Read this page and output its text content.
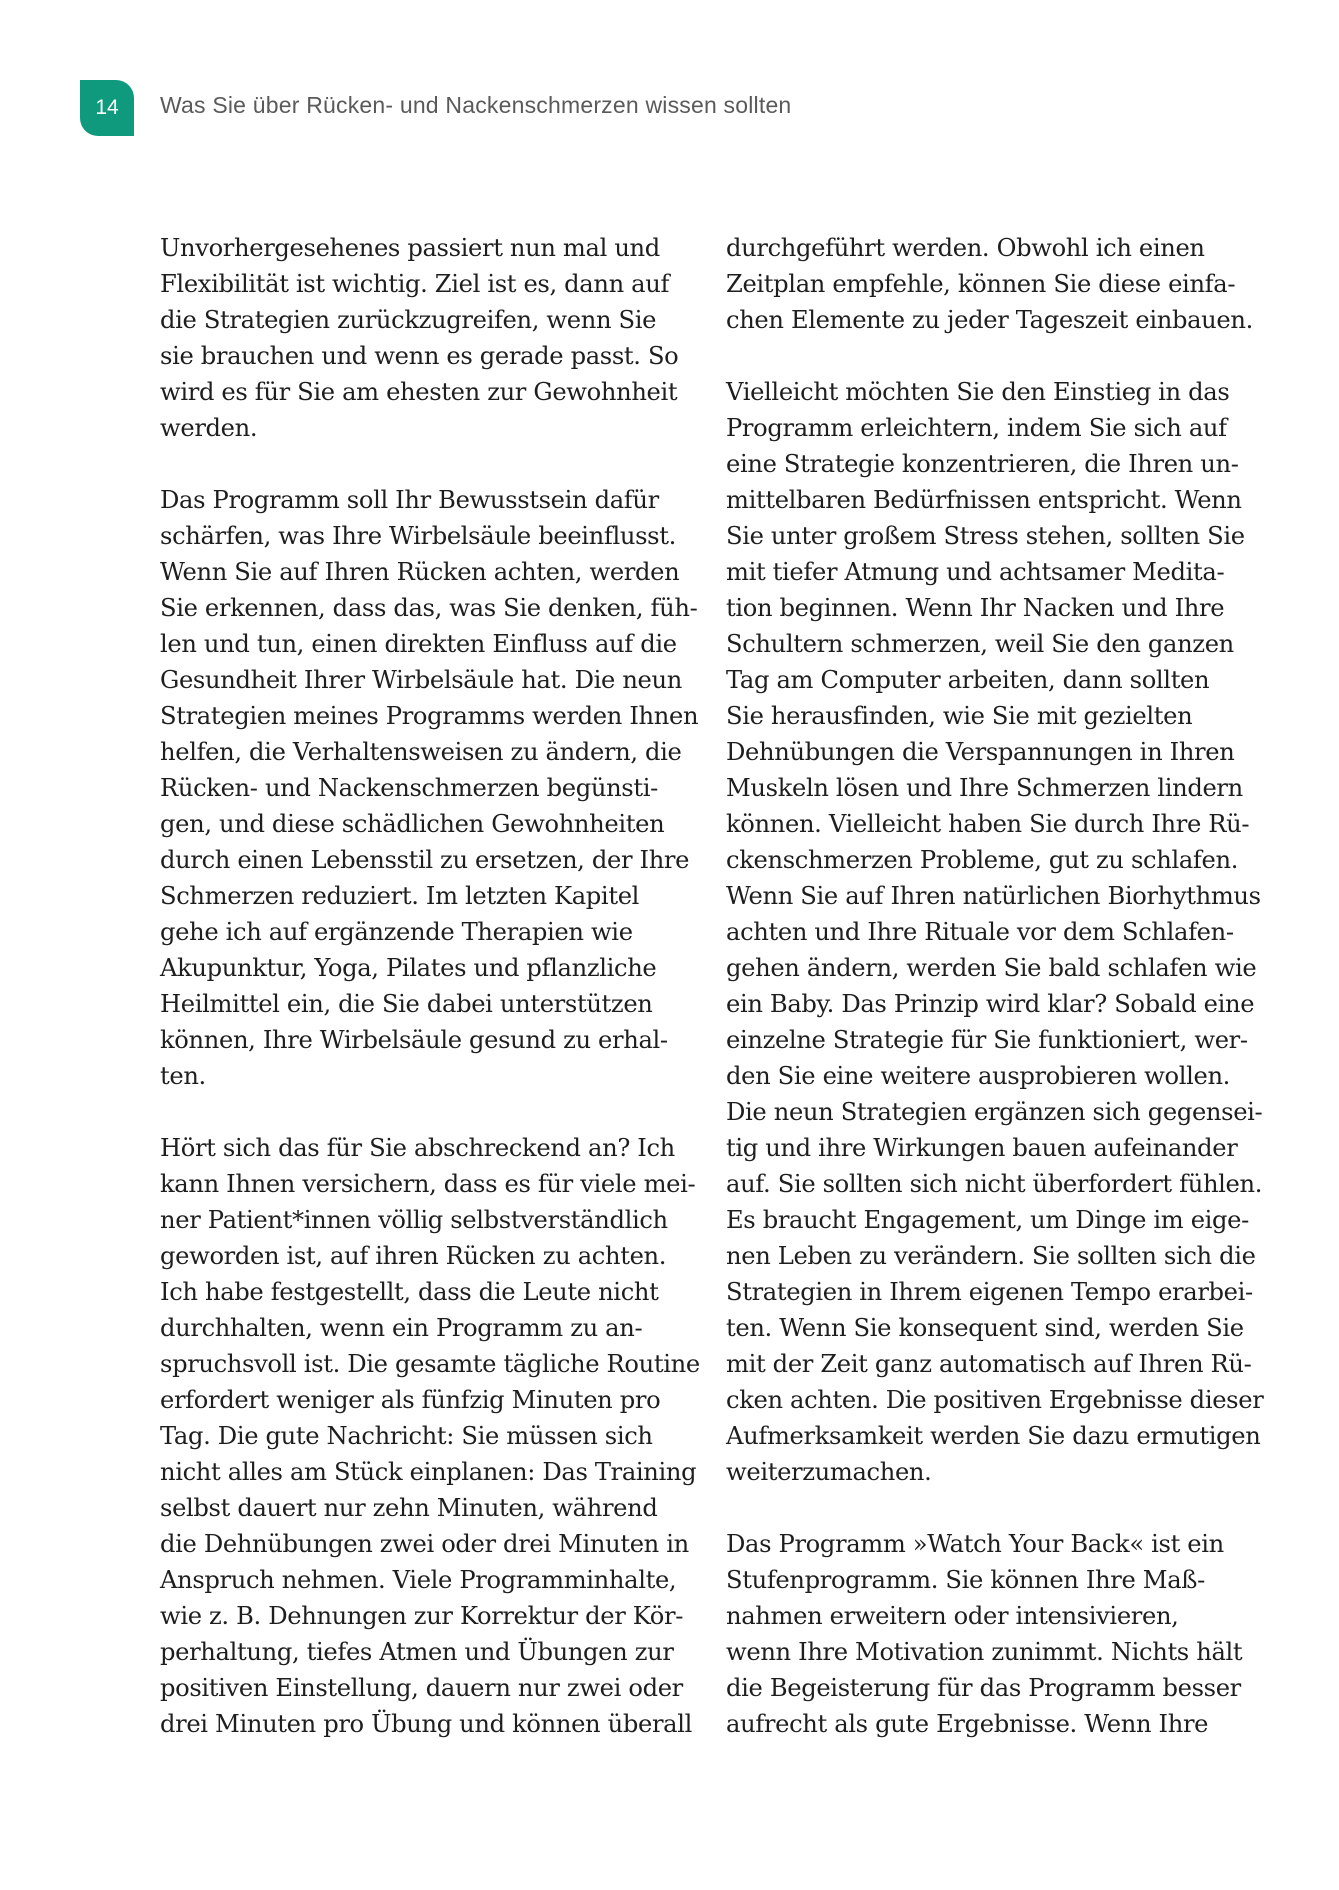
14 Was Sie über Rücken- und Nackenschmerzen wissen sollten
Unvorhergesehenes passiert nun mal und
Flexibilität ist wichtig. Ziel ist es, dann auf
die Strategien zurückzugreifen, wenn Sie
sie brauchen und wenn es gerade passt. So
wird es für Sie am ehesten zur Gewohnheit
werden.
Das Programm soll Ihr Bewusstsein dafür
schärfen, was Ihre Wirbelsäule beeinflusst.
Wenn Sie auf Ihren Rücken achten, werden
Sie erkennen, dass das, was Sie denken, füh-
len und tun, einen direkten Einfluss auf die
Gesundheit Ihrer Wirbelsäule hat. Die neun
Strategien meines Programms werden Ihnen
helfen, die Verhaltensweisen zu ändern, die
Rücken- und Nackenschmerzen begünsti-
gen, und diese schädlichen Gewohnheiten
durch einen Lebensstil zu ersetzen, der Ihre
Schmerzen reduziert. Im letzten Kapitel
gehe ich auf ergänzende Therapien wie
Akupunktur, Yoga, Pilates und pflanzliche
Heilmittel ein, die Sie dabei unterstützen
können, Ihre Wirbelsäule gesund zu erhal-
ten.
Hört sich das für Sie abschreckend an? Ich
kann Ihnen versichern, dass es für viele mei-
ner Patient*innen völlig selbstverständlich
geworden ist, auf ihren Rücken zu achten.
Ich habe festgestellt, dass die Leute nicht
durchhalten, wenn ein Programm zu an-
spruchsvoll ist. Die gesamte tägliche Routine
erfordert weniger als fünfzig Minuten pro
Tag. Die gute Nachricht: Sie müssen sich
nicht alles am Stück einplanen: Das Training
selbst dauert nur zehn Minuten, während
die Dehnübungen zwei oder drei Minuten in
Anspruch nehmen. Viele Programminhalte,
wie z. B. Dehnungen zur Korrektur der Kör-
perhaltung, tiefes Atmen und Übungen zur
positiven Einstellung, dauern nur zwei oder
drei Minuten pro Übung und können überall
durchgeführt werden. Obwohl ich einen
Zeitplan empfehle, können Sie diese einfa-
chen Elemente zu jeder Tageszeit einbauen.
Vielleicht möchten Sie den Einstieg in das
Programm erleichtern, indem Sie sich auf
eine Strategie konzentrieren, die Ihren un-
mittelbaren Bedürfnissen entspricht. Wenn
Sie unter großem Stress stehen, sollten Sie
mit tiefer Atmung und achtsamer Medita-
tion beginnen. Wenn Ihr Nacken und Ihre
Schultern schmerzen, weil Sie den ganzen
Tag am Computer arbeiten, dann sollten
Sie herausfinden, wie Sie mit gezielten
Dehnübungen die Verspannungen in Ihren
Muskeln lösen und Ihre Schmerzen lindern
können. Vielleicht haben Sie durch Ihre Rü-
ckenschmerzen Probleme, gut zu schlafen.
Wenn Sie auf Ihren natürlichen Biorhythmus
achten und Ihre Rituale vor dem Schlafen-
gehen ändern, werden Sie bald schlafen wie
ein Baby. Das Prinzip wird klar? Sobald eine
einzelne Strategie für Sie funktioniert, wer-
den Sie eine weitere ausprobieren wollen.
Die neun Strategien ergänzen sich gegensei-
tig und ihre Wirkungen bauen aufeinander
auf. Sie sollten sich nicht überfordert fühlen.
Es braucht Engagement, um Dinge im eige-
nen Leben zu verändern. Sie sollten sich die
Strategien in Ihrem eigenen Tempo erarbei-
ten. Wenn Sie konsequent sind, werden Sie
mit der Zeit ganz automatisch auf Ihren Rü-
cken achten. Die positiven Ergebnisse dieser
Aufmerksamkeit werden Sie dazu ermutigen
weiterzumachen.
Das Programm »Watch Your Back« ist ein
Stufenprogramm. Sie können Ihre Maß-
nahmen erweitern oder intensivieren,
wenn Ihre Motivation zunimmt. Nichts hält
die Begeisterung für das Programm besser
aufrecht als gute Ergebnisse. Wenn Ihre
